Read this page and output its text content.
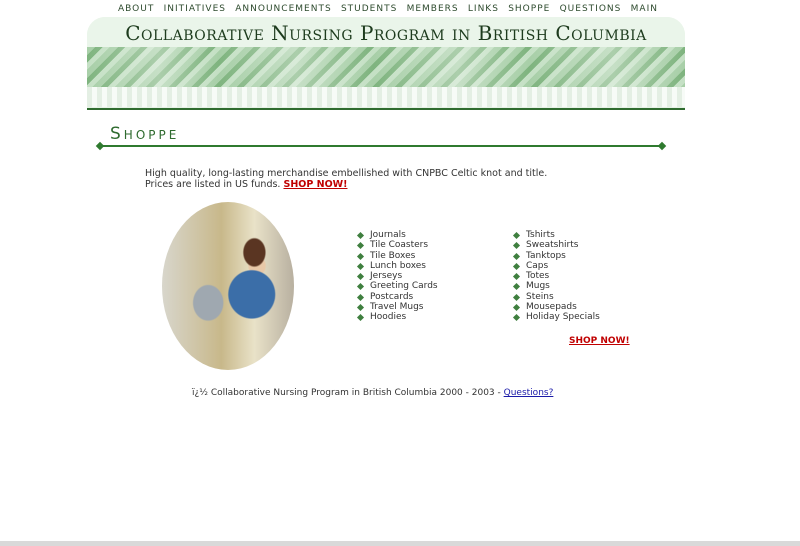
ABOUT INITIATIVES ANNOUNCEMENTS STUDENTS MEMBERS LINKS SHOPPE QUESTIONS MAIN
Collaborative Nursing Program in British Columbia
Shoppe
High quality, long-lasting merchandise embellished with CNPBC Celtic knot and title.
Prices are listed in US funds. SHOP NOW!
Journals
Tile Coasters
Tile Boxes
Lunch boxes
Jerseys
Greeting Cards
Postcards
Travel Mugs
Hoodies
Tshirts
Sweatshirts
Tanktops
Caps
Totes
Mugs
Steins
Mousepads
Holiday Specials
SHOP NOW!
ï¿½ Collaborative Nursing Program in British Columbia 2000 - 2003 - Questions?
